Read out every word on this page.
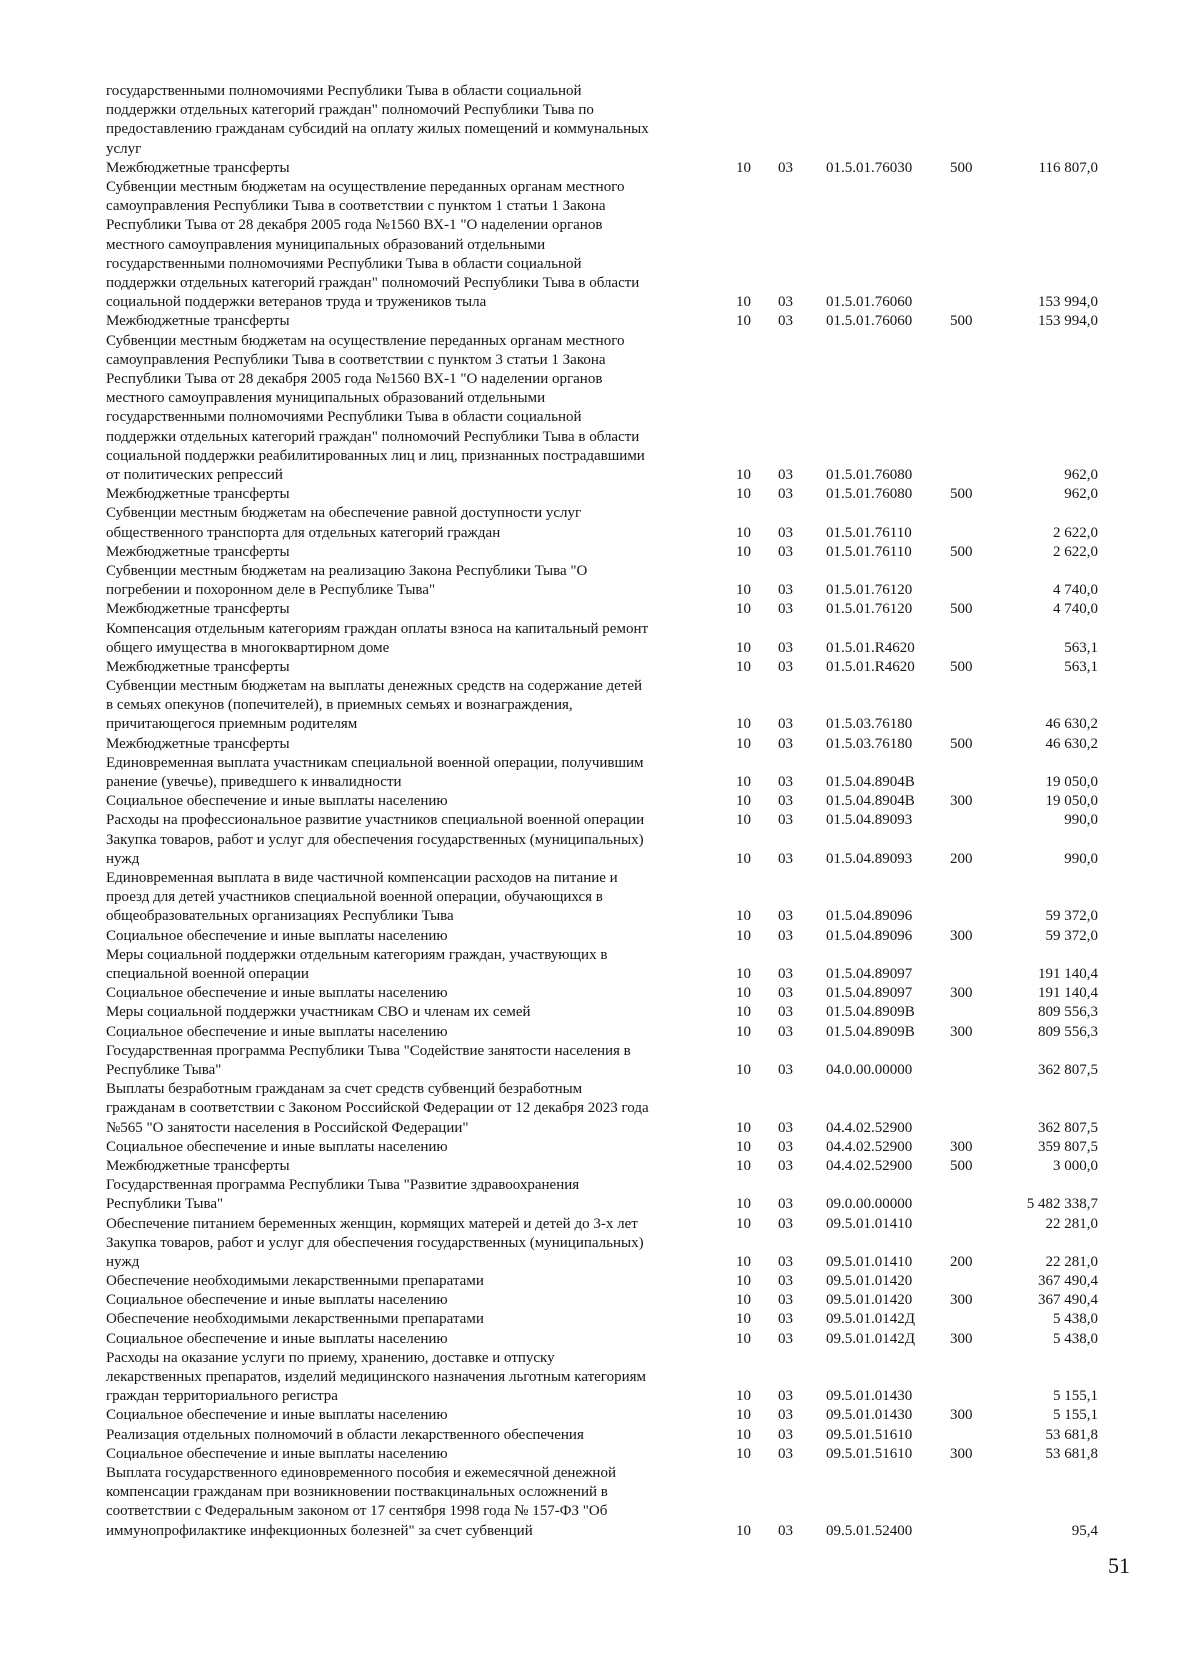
государственными полномочиями Республики Тыва в области социальной
поддержки отдельных категорий граждан" полномочий Республики Тыва по
предоставлению гражданам субсидий на оплату жилых помещений и коммунальных
услуг
Межбюджетные трансферты	10 03 01.5.01.76030	500	116 807,0
Субвенции местным бюджетам на осуществление переданных органам местного
самоуправления Республики Тыва в соответствии с пунктом 1 статьи 1 Закона
Республики Тыва от 28 декабря 2005 года №1560 ВХ-1 "О наделении органов
местного самоуправления муниципальных образований отдельными
государственными полномочиями Республики Тыва в области социальной
поддержки отдельных категорий граждан" полномочий Республики Тыва в области
социальной поддержки ветеранов труда и тружеников тыла	10 03 01.5.01.76060	153 994,0
Межбюджетные трансферты	10 03 01.5.01.76060	500	153 994,0
Субвенции местным бюджетам на осуществление переданных органам местного
самоуправления Республики Тыва в соответствии с пунктом 3 статьи 1 Закона
Республики Тыва от 28 декабря 2005 года №1560 ВХ-1 "О наделении органов
местного самоуправления муниципальных образований отдельными
государственными полномочиями Республики Тыва в области социальной
поддержки отдельных категорий граждан" полномочий Республики Тыва в области
социальной поддержки реабилитированных лиц и лиц, признанных пострадавшими
от политических репрессий	10 03 01.5.01.76080	962,0
Межбюджетные трансферты	10 03 01.5.01.76080	500	962,0
Субвенции местным бюджетам на обеспечение равной доступности услуг
общественного транспорта для отдельных категорий граждан	10 03 01.5.01.76110	2 622,0
Межбюджетные трансферты	10 03 01.5.01.76110	500	2 622,0
Субвенции местным бюджетам на реализацию Закона Республики Тыва "О
погребении и похоронном деле в Республике Тыва"	10 03 01.5.01.76120	4 740,0
Межбюджетные трансферты	10 03 01.5.01.76120	500	4 740,0
Компенсация отдельным категориям граждан оплаты взноса на капитальный ремонт
общего имущества в многоквартирном доме	10 03 01.5.01.R4620	563,1
Межбюджетные трансферты	10 03 01.5.01.R4620 500	563,1
Субвенции местным бюджетам на выплаты денежных средств на содержание детей
в семьях опекунов (попечителей), в приемных семьях и вознаграждения,
причитающегося приемным родителям	10 03 01.5.03.76180	46 630,2
Межбюджетные трансферты	10 03 01.5.03.76180	500	46 630,2
Единовременная выплата участникам специальной военной операции, получившим
ранение (увечье), приведшего к инвалидности	10 03 01.5.04.8904В	19 050,0
Социальное обеспечение и иные выплаты населению	10 03 01.5.04.8904В 300	19 050,0
Расходы на профессиональное развитие участников специальной военной операции	10 03 01.5.04.89093	990,0
Закупка товаров, работ и услуг для обеспечения государственных (муниципальных)
нужд	10 03 01.5.04.89093	200	990,0
Единовременная выплата в виде частичной компенсации расходов на питание и
проезд для детей участников специальной военной операции, обучающихся в
общеобразовательных организациях Республики Тыва	10 03 01.5.04.89096	59 372,0
Социальное обеспечение и иные выплаты населению	10 03 01.5.04.89096	300	59 372,0
Меры социальной поддержки отдельным категориям граждан, участвующих в
специальной военной операции	10 03 01.5.04.89097	191 140,4
Социальное обеспечение и иные выплаты населению	10 03 01.5.04.89097	300	191 140,4
Меры социальной поддержки участникам СВО и членам их семей	10 03 01.5.04.8909В	809 556,3
Социальное обеспечение и иные выплаты населению	10 03 01.5.04.8909В 300	809 556,3
Государственная программа Республики Тыва "Содействие занятости населения в
Республике Тыва"	10 03 04.0.00.00000	362 807,5
Выплаты безработным гражданам за счет средств субвенций безработным
гражданам в соответствии с Законом Российской Федерации от 12 декабря 2023 года
№565 "О занятости населения в Российской Федерации"	10 03 04.4.02.52900	362 807,5
Социальное обеспечение и иные выплаты населению	10 03 04.4.02.52900	300	359 807,5
Межбюджетные трансферты	10 03 04.4.02.52900	500	3 000,0
Государственная программа Республики Тыва "Развитие здравоохранения
Республики Тыва"	10 03 09.0.00.00000	5 482 338,7
Обеспечение питанием беременных женщин, кормящих матерей и детей до 3-х лет	10 03 09.5.01.01410	22 281,0
Закупка товаров, работ и услуг для обеспечения государственных (муниципальных)
нужд	10 03 09.5.01.01410	200	22 281,0
Обеспечение необходимыми лекарственными препаратами	10 03 09.5.01.01420	367 490,4
Социальное обеспечение и иные выплаты населению	10 03 09.5.01.01420	300	367 490,4
Обеспечение необходимыми лекарственными препаратами	10 03 09.5.01.0142Д	5 438,0
Социальное обеспечение и иные выплаты населению	10 03 09.5.01.0142Д 300	5 438,0
Расходы на оказание услуги по приему, хранению, доставке и отпуску
лекарственных препаратов, изделий медицинского назначения льготным категориям
граждан территориального регистра	10 03 09.5.01.01430	5 155,1
Социальное обеспечение и иные выплаты населению	10 03 09.5.01.01430	300	5 155,1
Реализация отдельных полномочий в области лекарственного обеспечения	10 03 09.5.01.51610	53 681,8
Социальное обеспечение и иные выплаты населению	10 03 09.5.01.51610	300	53 681,8
Выплата государственного единовременного пособия и ежемесячной денежной
компенсации гражданам при возникновении поствакцинальных осложнений в
соответствии с Федеральным законом от 17 сентября 1998 года № 157-ФЗ "Об
иммунопрофилактике инфекционных болезней" за счет субвенций	10 03 09.5.01.52400	95,4
51
